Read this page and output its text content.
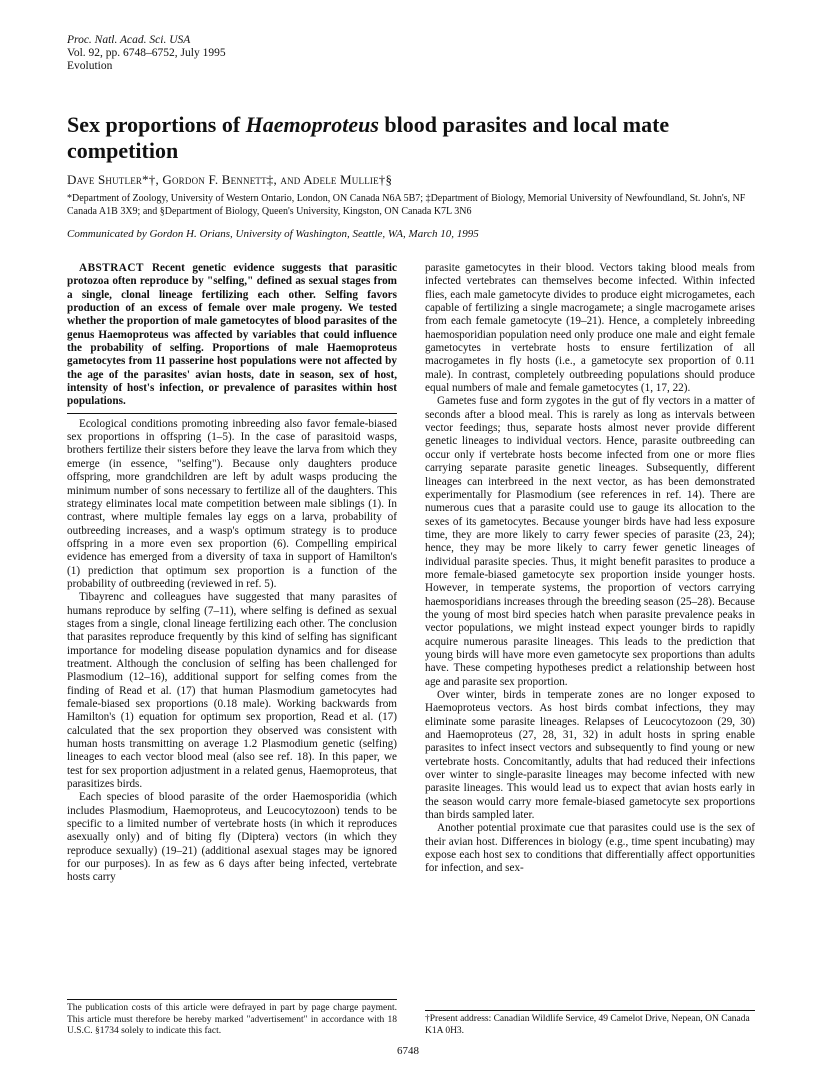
Proc. Natl. Acad. Sci. USA
Vol. 92, pp. 6748–6752, July 1995
Evolution
Sex proportions of Haemoproteus blood parasites and local mate competition
Dave Shutler*†, Gordon F. Bennett‡, and Adele Mullie†§
*Department of Zoology, University of Western Ontario, London, ON Canada N6A 5B7; ‡Department of Biology, Memorial University of Newfoundland, St. John's, NF Canada A1B 3X9; and §Department of Biology, Queen's University, Kingston, ON Canada K7L 3N6
Communicated by Gordon H. Orians, University of Washington, Seattle, WA, March 10, 1995

ABSTRACT Recent genetic evidence suggests that parasitic protozoa often reproduce by "selfing," defined as sexual stages from a single, clonal lineage fertilizing each other. Selfing favors production of an excess of female over male progeny. We tested whether the proportion of male gametocytes of blood parasites of the genus Haemoproteus was affected by variables that could influence the probability of selfing. Proportions of male Haemoproteus gametocytes from 11 passerine host populations were not affected by the age of the parasites' avian hosts, date in season, sex of host, intensity of host's infection, or prevalence of parasites within host populations.

Ecological conditions promoting inbreeding also favor female-biased sex proportions in offspring (1–5). In the case of parasitoid wasps, brothers fertilize their sisters before they leave the larva from which they emerge (in essence, "selfing"). Because only daughters produce offspring, more grandchildren are left by adult wasps producing the minimum number of sons necessary to fertilize all of the daughters. This strategy eliminates local mate competition between male siblings (1). In contrast, where multiple females lay eggs on a larva, probability of outbreeding increases, and a wasp's optimum strategy is to produce offspring in a more even sex proportion (6). Compelling empirical evidence has emerged from a diversity of taxa in support of Hamilton's (1) prediction that optimum sex proportion is a function of the probability of outbreeding (reviewed in ref. 5).

Tibayrenc and colleagues have suggested that many parasites of humans reproduce by selfing (7–11), where selfing is defined as sexual stages from a single, clonal lineage fertilizing each other. The conclusion that parasites reproduce frequently by this kind of selfing has significant importance for modeling disease population dynamics and for disease treatment. Although the conclusion of selfing has been challenged for Plasmodium (12–16), additional support for selfing comes from the finding of Read et al. (17) that human Plasmodium gametocytes had female-biased sex proportions (0.18 male). Working backwards from Hamilton's (1) equation for optimum sex proportion, Read et al. (17) calculated that the sex proportion they observed was consistent with human hosts transmitting on average 1.2 Plasmodium genetic (selfing) lineages to each vector blood meal (also see ref. 18). In this paper, we test for sex proportion adjustment in a related genus, Haemoproteus, that parasitizes birds.

Each species of blood parasite of the order Haemosporidia (which includes Plasmodium, Haemoproteus, and Leucocytozoon) tends to be specific to a limited number of vertebrate hosts (in which it reproduces asexually only) and of biting fly (Diptera) vectors (in which they reproduce sexually) (19–21) (additional asexual stages may be ignored for our purposes). In as few as 6 days after being infected, vertebrate hosts carry

parasite gametocytes in their blood. Vectors taking blood meals from infected vertebrates can themselves become infected. Within infected flies, each male gametocyte divides to produce eight microgametes, each capable of fertilizing a single macrogamete; a single macrogamete arises from each female gametocyte (19–21). Hence, a completely inbreeding haemosporidian population need only produce one male and eight female gametocytes in vertebrate hosts to ensure fertilization of all macrogametes in fly hosts (i.e., a gametocyte sex proportion of 0.11 male). In contrast, completely outbreeding populations should produce equal numbers of male and female gametocytes (1, 17, 22).

Gametes fuse and form zygotes in the gut of fly vectors in a matter of seconds after a blood meal. This is rarely as long as intervals between vector feedings; thus, separate hosts almost never provide different genetic lineages to individual vectors. Hence, parasite outbreeding can occur only if vertebrate hosts become infected from one or more flies carrying separate parasite genetic lineages. Subsequently, different lineages can interbreed in the next vector, as has been demonstrated experimentally for Plasmodium (see references in ref. 14). There are numerous cues that a parasite could use to gauge its allocation to the sexes of its gametocytes. Because younger birds have had less exposure time, they are more likely to carry fewer species of parasite (23, 24); hence, they may be more likely to carry fewer genetic lineages of individual parasite species. Thus, it might benefit parasites to produce a more female-biased gametocyte sex proportion inside younger hosts. However, in temperate systems, the proportion of vectors carrying haemosporidians increases through the breeding season (25–28). Because the young of most bird species hatch when parasite prevalence peaks in vector populations, we might instead expect younger birds to rapidly acquire numerous parasite lineages. This leads to the prediction that young birds will have more even gametocyte sex proportions than adults have. These competing hypotheses predict a relationship between host age and parasite sex proportion.

Over winter, birds in temperate zones are no longer exposed to Haemoproteus vectors. As host birds combat infections, they may eliminate some parasite lineages. Relapses of Leucocytozoon (29, 30) and Haemoproteus (27, 28, 31, 32) in adult hosts in spring enable parasites to infect insect vectors and subsequently to find young or new vertebrate hosts. Concomitantly, adults that had reduced their infections over winter to single-parasite lineages may become infected with new parasite lineages. This would lead us to expect that avian hosts early in the season would carry more female-biased gametocyte sex proportions than birds sampled later.

Another potential proximate cue that parasites could use is the sex of their avian host. Differences in biology (e.g., time spent incubating) may expose each host sex to conditions that differentially affect opportunities for infection, and sex-

The publication costs of this article were defrayed in part by page charge payment. This article must therefore be hereby marked "advertisement" in accordance with 18 U.S.C. §1734 solely to indicate this fact.
†Present address: Canadian Wildlife Service, 49 Camelot Drive, Nepean, ON Canada K1A 0H3.
6748
